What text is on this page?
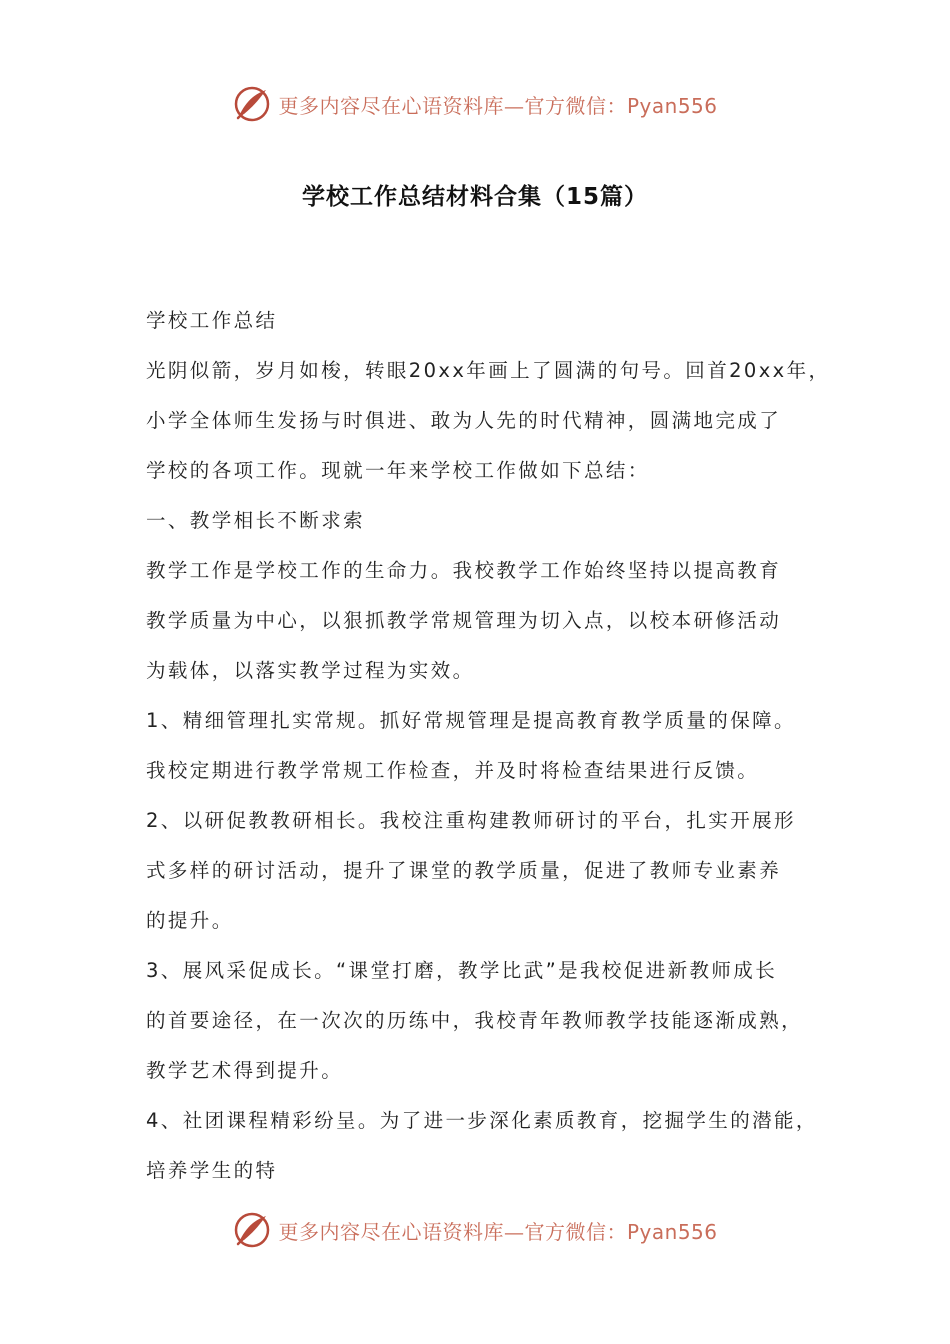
更多内容尽在心语资料库—官方微信：Pyan556
学校工作总结材料合集（15篇）
学校工作总结
光阴似箭，岁月如梭，转眼20xx年画上了圆满的句号。回首20xx年，
小学全体师生发扬与时俱进、敢为人先的时代精神，圆满地完成了
学校的各项工作。现就一年来学校工作做如下总结：
一、教学相长不断求索
教学工作是学校工作的生命力。我校教学工作始终坚持以提高教育
教学质量为中心，以狠抓教学常规管理为切入点，以校本研修活动
为载体，以落实教学过程为实效。
1、精细管理扎实常规。抓好常规管理是提高教育教学质量的保障。
我校定期进行教学常规工作检查，并及时将检查结果进行反馈。
2、以研促教教研相长。我校注重构建教师研讨的平台，扎实开展形
式多样的研讨活动，提升了课堂的教学质量，促进了教师专业素养
的提升。
3、展风采促成长。“课堂打磨，教学比武”是我校促进新教师成长
的首要途径，在一次次的历练中，我校青年教师教学技能逐渐成熟，
教学艺术得到提升。
4、社团课程精彩纷呈。为了进一步深化素质教育，挖掘学生的潜能，
培养学生的特
更多内容尽在心语资料库—官方微信：Pyan556
